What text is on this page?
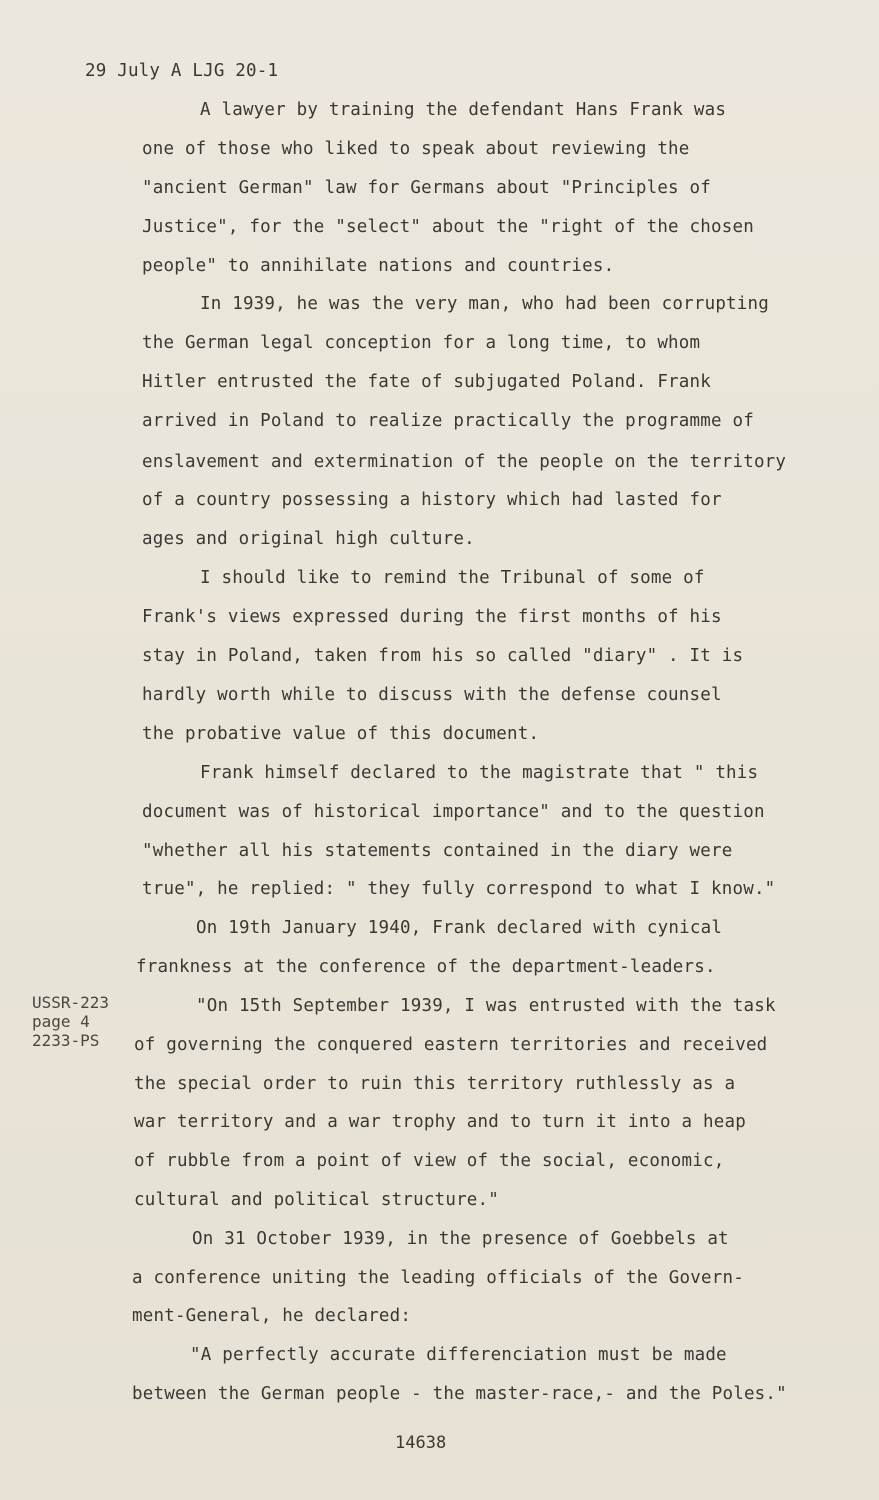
29 July A LJG 20-1
A lawyer by training the defendant Hans Frank was
one of those who liked to speak about reviewing the
"ancient German" law for Germans about "Principles of
Justice", for the "select" about the "right of the chosen
people" to annihilate nations and countries.
In 1939, he was the very man, who had been corrupting
the German legal conception for a long time, to whom
Hitler entrusted the fate of subjugated Poland. Frank
arrived in Poland to realize practically the programme of
enslavement and extermination of the people on the territory
of a country possessing a history which had lasted for
ages and original high culture.
I should like to remind the Tribunal of some of
Frank's views expressed during the first months of his
stay in Poland, taken from his so called "diary" . It is
hardly worth while to discuss with the defense counsel
the probative value of this document.
Frank himself declared to the magistrate that " this
document was of historical importance" and to the question
"whether all his statements contained in the diary were
true", he replied: " they fully correspond to what I know."
On 19th January 1940, Frank declared with cynical
frankness at the conference of the department-leaders.
"On 15th September 1939, I was entrusted with the task
of governing the conquered eastern territories and received
the special order to ruin this territory ruthlessly as a
war territory and a war trophy and to turn it into a heap
of rubble from a point of view of the social, economic,
cultural and political structure."
On 31 October 1939, in the presence of Goebbels at
a conference uniting the leading officials of the Govern-
ment-General, he declared:
"A perfectly accurate differenciation must be made
between the German people - the master-race,- and the Poles."
USSR-223
page 4
2233-PS
14638
